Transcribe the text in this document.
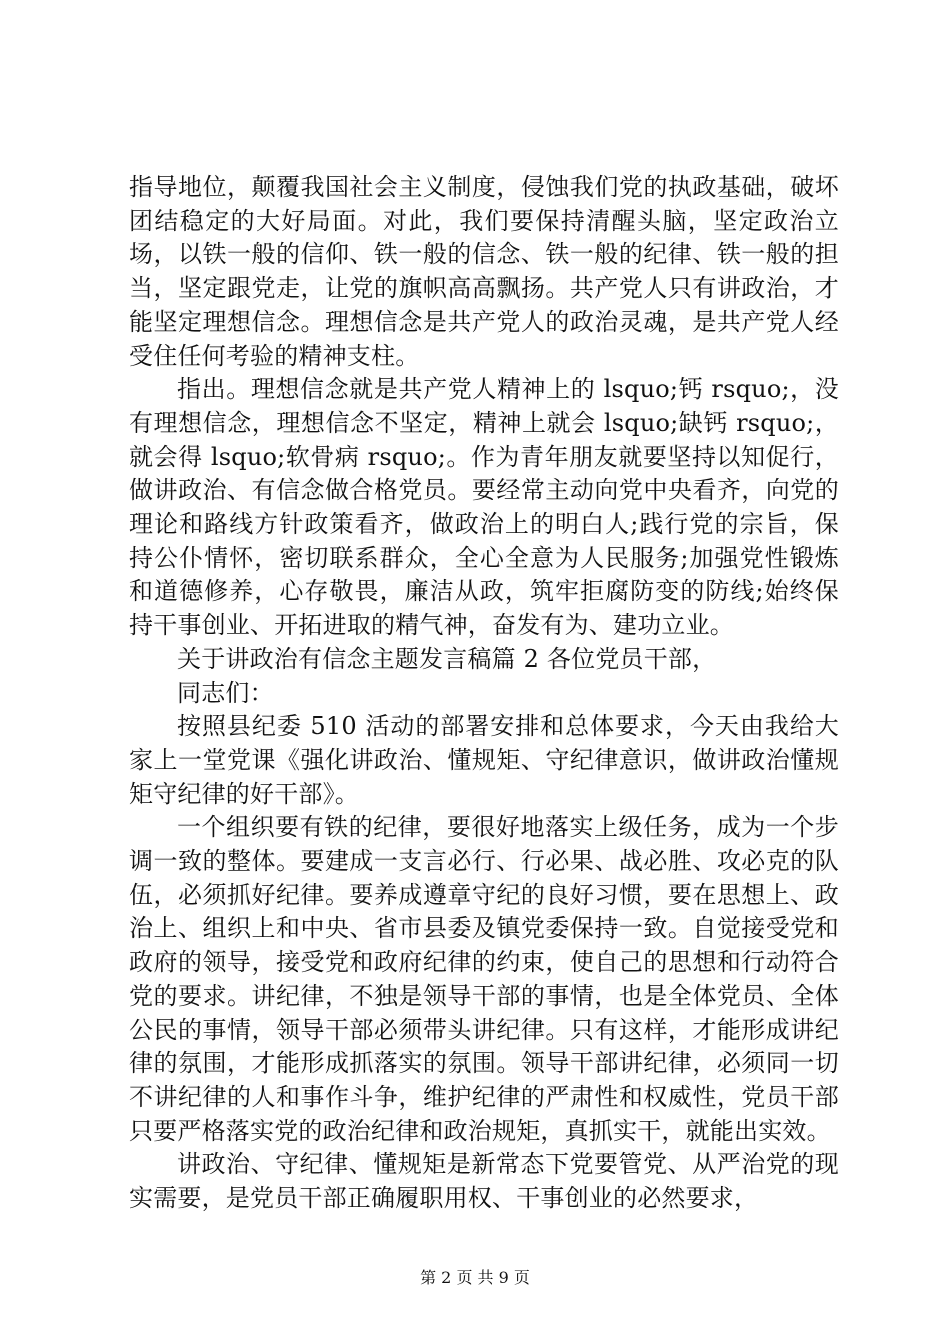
指导地位，颠覆我国社会主义制度，侵蚀我们党的执政基础，破坏团结稳定的大好局面。对此，我们要保持清醒头脑，坚定政治立场，以铁一般的信仰、铁一般的信念、铁一般的纪律、铁一般的担当，坚定跟党走，让党的旗帜高高飘扬。共产党人只有讲政治，才能坚定理想信念。理想信念是共产党人的政治灵魂，是共产党人经受住任何考验的精神支柱。

指出。理想信念就是共产党人精神上的 lsquo;钙 rsquo;，没有理想信念，理想信念不坚定，精神上就会 lsquo;缺钙 rsquo;，就会得 lsquo;软骨病 rsquo;。作为青年朋友就要坚持以知促行，做讲政治、有信念做合格党员。要经常主动向党中央看齐，向党的理论和路线方针政策看齐，做政治上的明白人;践行党的宗旨，保持公仆情怀，密切联系群众，全心全意为人民服务;加强党性锻炼和道德修养，心存敬畏，廉洁从政，筑牢拒腐防变的防线;始终保持干事创业、开拓进取的精气神，奋发有为、建功立业。

关于讲政治有信念主题发言稿篇 2 各位党员干部，

同志们：

按照县纪委 510 活动的部署安排和总体要求，今天由我给大家上一堂党课《强化讲政治、懂规矩、守纪律意识，做讲政治懂规矩守纪律的好干部》。

一个组织要有铁的纪律，要很好地落实上级任务，成为一个步调一致的整体。要建成一支言必行、行必果、战必胜、攻必克的队伍，必须抓好纪律。要养成遵章守纪的良好习惯，要在思想上、政治上、组织上和中央、省市县委及镇党委保持一致。自觉接受党和政府的领导，接受党和政府纪律的约束，使自己的思想和行动符合党的要求。讲纪律，不独是领导干部的事情，也是全体党员、全体公民的事情，领导干部必须带头讲纪律。只有这样，才能形成讲纪律的氛围，才能形成抓落实的氛围。领导干部讲纪律，必须同一切不讲纪律的人和事作斗争，维护纪律的严肃性和权威性，党员干部只要严格落实党的政治纪律和政治规矩，真抓实干，就能出实效。

讲政治、守纪律、懂规矩是新常态下党要管党、从严治党的现实需要，是党员干部正确履职用权、干事创业的必然要求，

第 2 页 共 9 页
